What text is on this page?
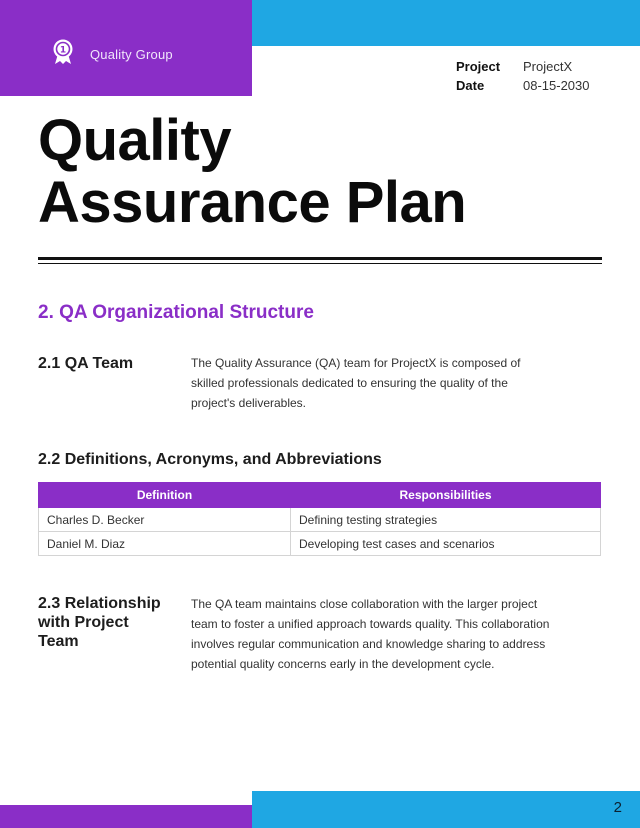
1 Quality Group
Project	ProjectX
Date	08-15-2030
Quality
Assurance Plan
2. QA Organizational Structure
2.1 QA Team	The Quality Assurance (QA) team for ProjectX is composed of skilled professionals dedicated to ensuring the quality of the project's deliverables.

2.2 Definitions, Acronyms, and Abbreviations
Definition	Responsibilities
Charles D. Becker	Defining testing strategies
Daniel M. Diaz	Developing test cases and scenarios
2.3 Relationship with Project Team

The QA team maintains close collaboration with the larger project team to foster a unified approach towards quality. This collaboration involves regular communication and knowledge sharing to address potential quality concerns early in the development cycle.

2
